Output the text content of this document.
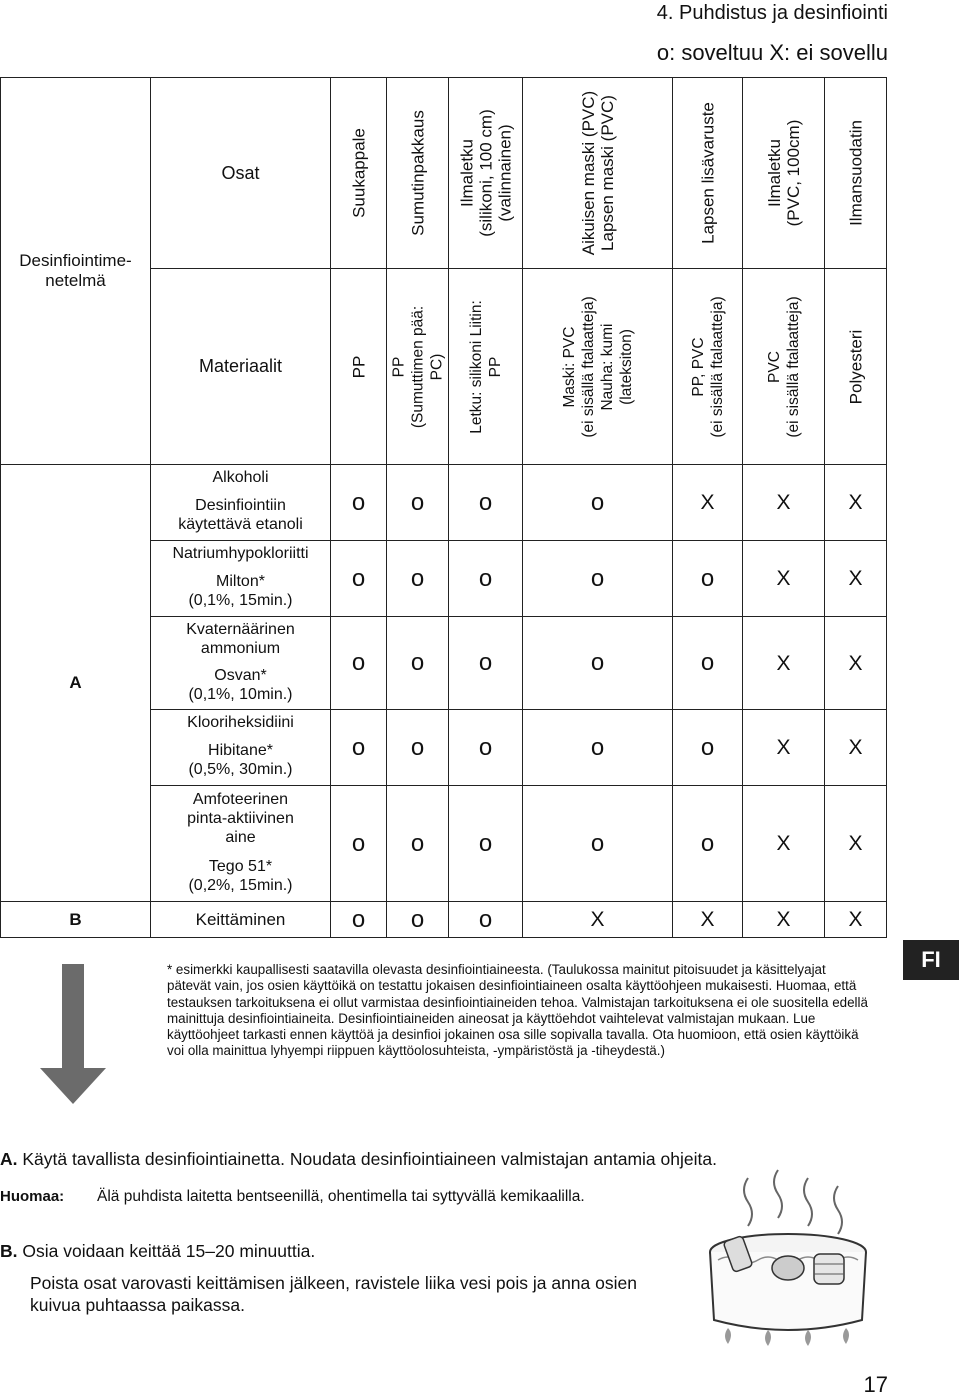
4. Puhdistus ja desinfiointi
o: soveltuu X: ei sovellu
Desinfiointime-
netelmä	Osat	Suukappale	Sumutinpakkaus	Ilmaletku
(silikoni, 100 cm)
(valinnainen)	Aikuisen maski (PVC)
Lapsen maski (PVC)	Lapsen lisävaruste	Ilmaletku
(PVC, 100cm)	Ilmansuodatin

	Materiaalit	PP	PP
(Sumuttimen pää:
PC)	Letku: silikoni Liitin:
PP	Maski: PVC
(ei sisällä ftalaatteja)
Nauha: kumi
(lateksiton)	PP, PVC
(ei sisällä ftalaatteja)	PVC
(ei sisällä ftalaatteja)	Polyesteri

A	Alkoholi	o	o	o	o	X	X	X
	Desinfiointiin
käytettävä etanoli							
	Natriumhypokloriitti	o	o	o	o	o	X	X
	Milton*
(0,1%, 15min.)							
	Kvaternäärinen
ammonium	o	o	o	o	o	X	X
	Osvan*
(0,1%, 10min.)							
	Klooriheksidiini	o	o	o	o	o	X	X
	Hibitane*
(0,5%, 30min.)							
	Amfoteerinen
pinta-aktiivinen
aine	o	o	o	o	o	X	X
	Tego 51*
(0,2%, 15min.)							
B	Keittäminen	o	o	o	X	X	X	X
FI
* esimerkki kaupallisesti saatavilla olevasta desinfiointiaineesta. (Taulukossa mainitut pitoisuudet ja käsittelyajat pätevät vain, jos osien käyttöikä on testattu jokaisen desinfiointiaineen osalta käyttöohjeen mukaisesti. Huomaa, että testauksen tarkoituksena ei ollut varmistaa desinfiointiaineiden tehoa. Valmistajan tarkoituksena ei ole suositella edellä mainittuja desinfiointiaineita. Desinfiointiaineiden aineosat ja käyttöehdot vaihtelevat valmistajan mukaan. Lue käyttöohjeet tarkasti ennen käyttöä ja desinfioi jokainen osa sille sopivalla tavalla. Ota huomioon, että osien käyttöikä voi olla mainittua lyhyempi riippuen käyttöolosuhteista, -ympäristöstä ja -tiheydestä.)
A. Käytä tavallista desinfiointiainetta. Noudata desinfiointiaineen valmistajan antamia ohjeita.
Huomaa:	Älä puhdista laitetta bentseenillä, ohentimella tai syttyvällä kemikaalilla.
B. Osia voidaan keittää 15–20 minuuttia.
Poista osat varovasti keittämisen jälkeen, ravistele liika vesi pois ja anna osien kuivua puhtaassa paikassa.
17
